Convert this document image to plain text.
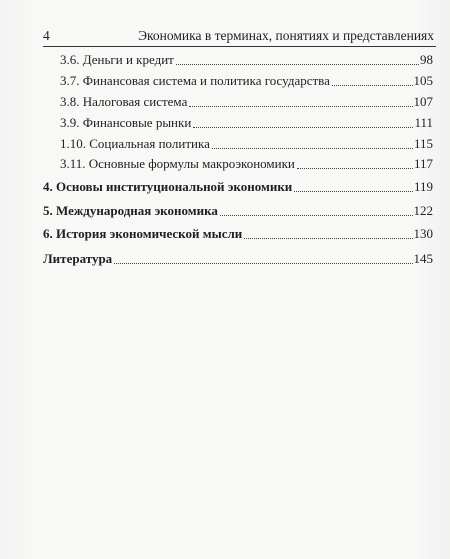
4	Экономика в терминах, понятиях и представлениях
3.6. Деньги и кредит	98
3.7. Финансовая система и политика государства	105
3.8. Налоговая система	107
3.9. Финансовые рынки	111
1.10. Социальная политика	115
3.11. Основные формулы макроэкономики	117
4. Основы институциональной экономики	119
5. Международная экономика	122
6. История экономической мысли	130
Литература	145
